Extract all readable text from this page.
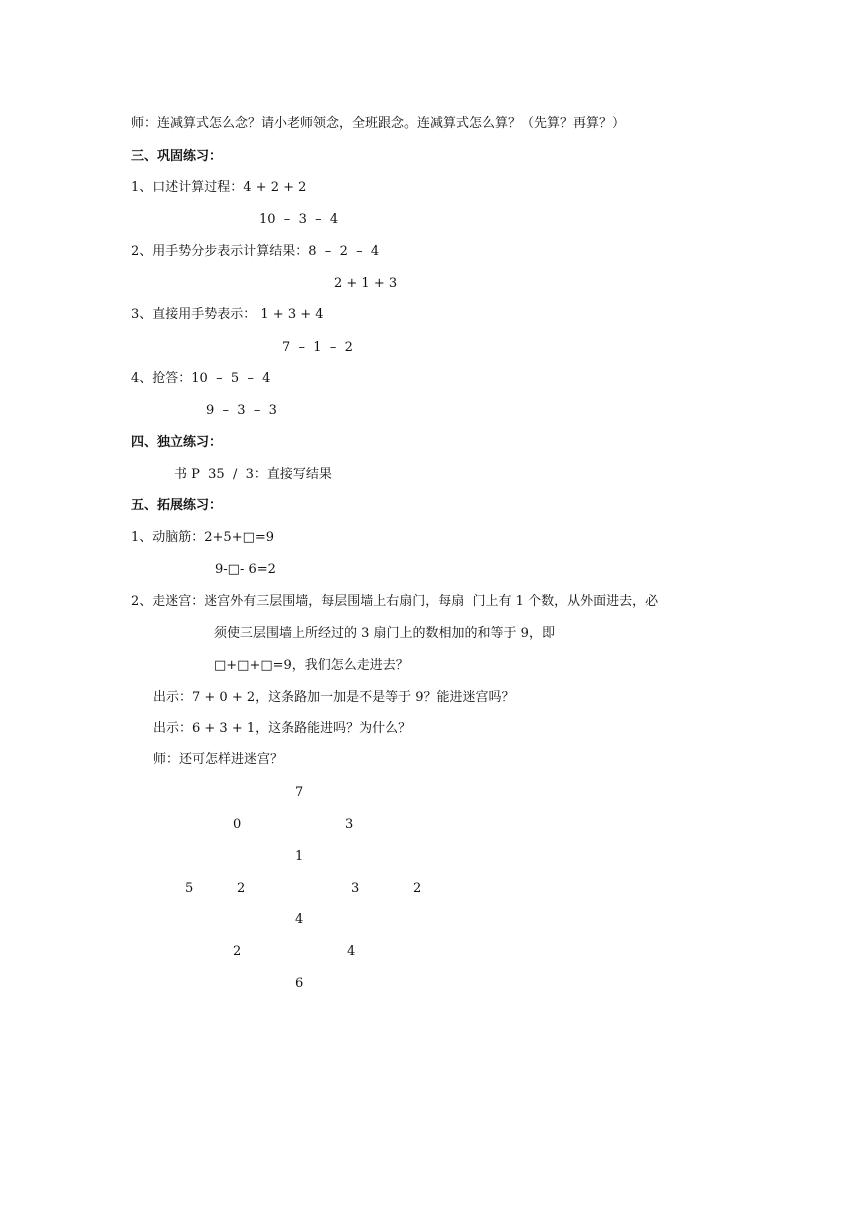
师：连减算式怎么念？请小老师领念，全班跟念。连减算式怎么算？（先算？再算？）
三、巩固练习：
1、口述计算过程：4 + 2 + 2
10  –  3  –  4
2、用手势分步表示计算结果：8  –  2  –  4
2 + 1 + 3
3、直接用手势表示： 1 + 3 + 4
7  –  1  –  2
4、抢答：10  –  5  –  4
9  –  3  –  3
四、独立练习：
书 P  35  /  3：直接写结果
五、拓展练习：
1、动脑筋：2+5+□=9
9-□- 6=2
2、走迷宫：迷宫外有三层围墙，每层围墙上右扇门，每扇  门上有 1 个数，从外面进去，必
须使三层围墙上所经过的 3 扇门上的数相加的和等于 9，即
□+□+□=9，我们怎么走进去？
出示：7 + 0 + 2，这条路加一加是不是等于 9？能进迷宫吗？
出示：6 + 3 + 1，这条路能进吗？为什么？
师：还可怎样进迷宫？
7
0	3
1
5	2	3	2
4
2	4
6
